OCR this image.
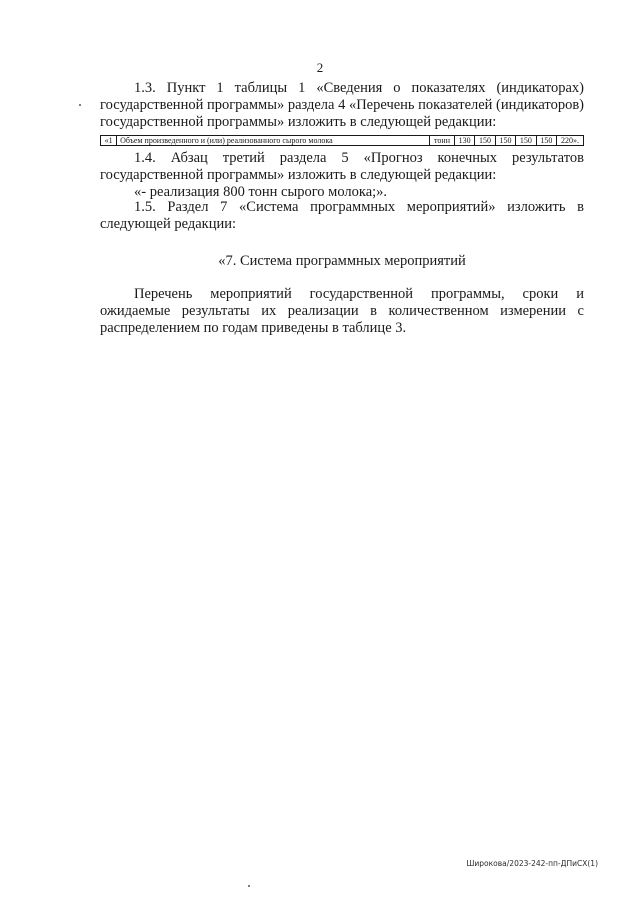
2

1.3. Пункт 1 таблицы 1 «Сведения о показателях (индикаторах) государственной программы» раздела 4 «Перечень показателей (индикаторов) государственной программы» изложить в следующей редакции:

«1	Объем произведенного и (или) реализованного сырого молока	тонн	130	150	150	150	150	220».

1.4. Абзац третий раздела 5 «Прогноз конечных результатов

государственной программы» изложить в следующей редакции:

«- реализация 800 тонн сырого молока;».

1.5. Раздел 7 «Система программных мероприятий» изложить в

следующей редакции:

«7. Система программных мероприятий

Перечень мероприятий государственной программы, сроки и ожидаемые результаты их реализации в количественном измерении с распределением по годам приведены в таблице 3.

Широкова/2023-242-пп-ДПиСХ(1)
